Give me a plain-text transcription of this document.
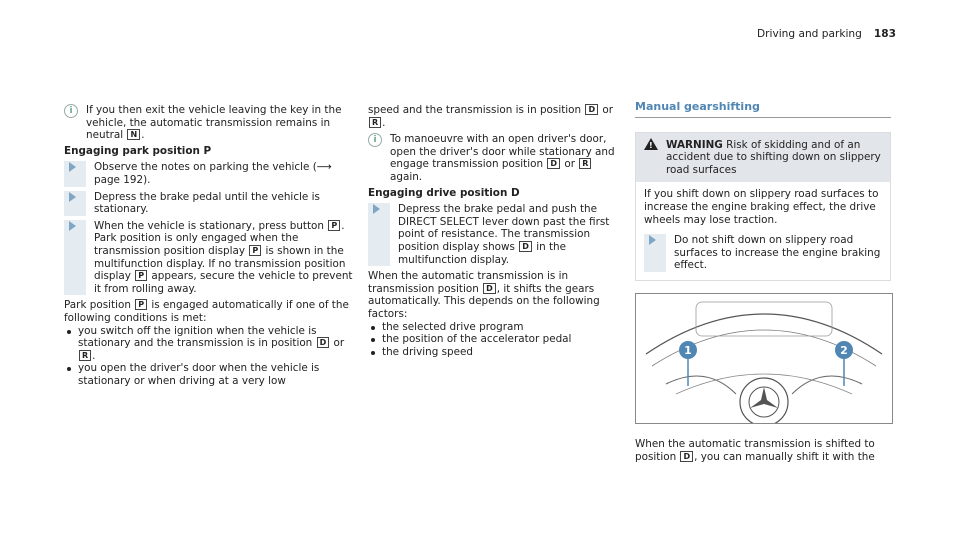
Driving and parking 183
i	If you then exit the vehicle leaving the key in the vehicle, the automatic transmission remains in neutral N .

Engaging park position P

Observe the notes on parking the vehicle (⟶ page 192).
Depress the brake pedal until the vehicle is stationary.
When the vehicle is stationary, press button P . Park position is only engaged when the transmission position display P is shown in the multifunction display. If no transmission position display P appears, secure the vehicle to prevent it from rolling away.

Park position P is engaged automatically if one of the following conditions is met:

you switch off the ignition when the vehicle is stationary and the transmission is in position D or R .
you open the driver's door when the vehicle is stationary or when driving at a very low

speed and the transmission is in position D or R .

i	To manoeuvre with an open driver's door, open the driver's door while stationary and engage transmission position D or R again.

Engaging drive position D

Depress the brake pedal and push the DIRECT SELECT lever down past the first point of resistance. The transmission position display shows D in the multifunction display.

When the automatic transmission is in transmission position D , it shifts the gears automatically. This depends on the following factors:

the selected drive program
the position of the accelerator pedal
the driving speed
Manual gearshifting
! WARNING Risk of skidding and of an accident due to shifting down on slippery road surfaces

If you shift down on slippery road surfaces to increase the engine braking effect, the drive wheels may lose traction.

Do not shift down on slippery road surfaces to increase the engine braking effect.
1	2

When the automatic transmission is shifted to position D , you can manually shift it with the
